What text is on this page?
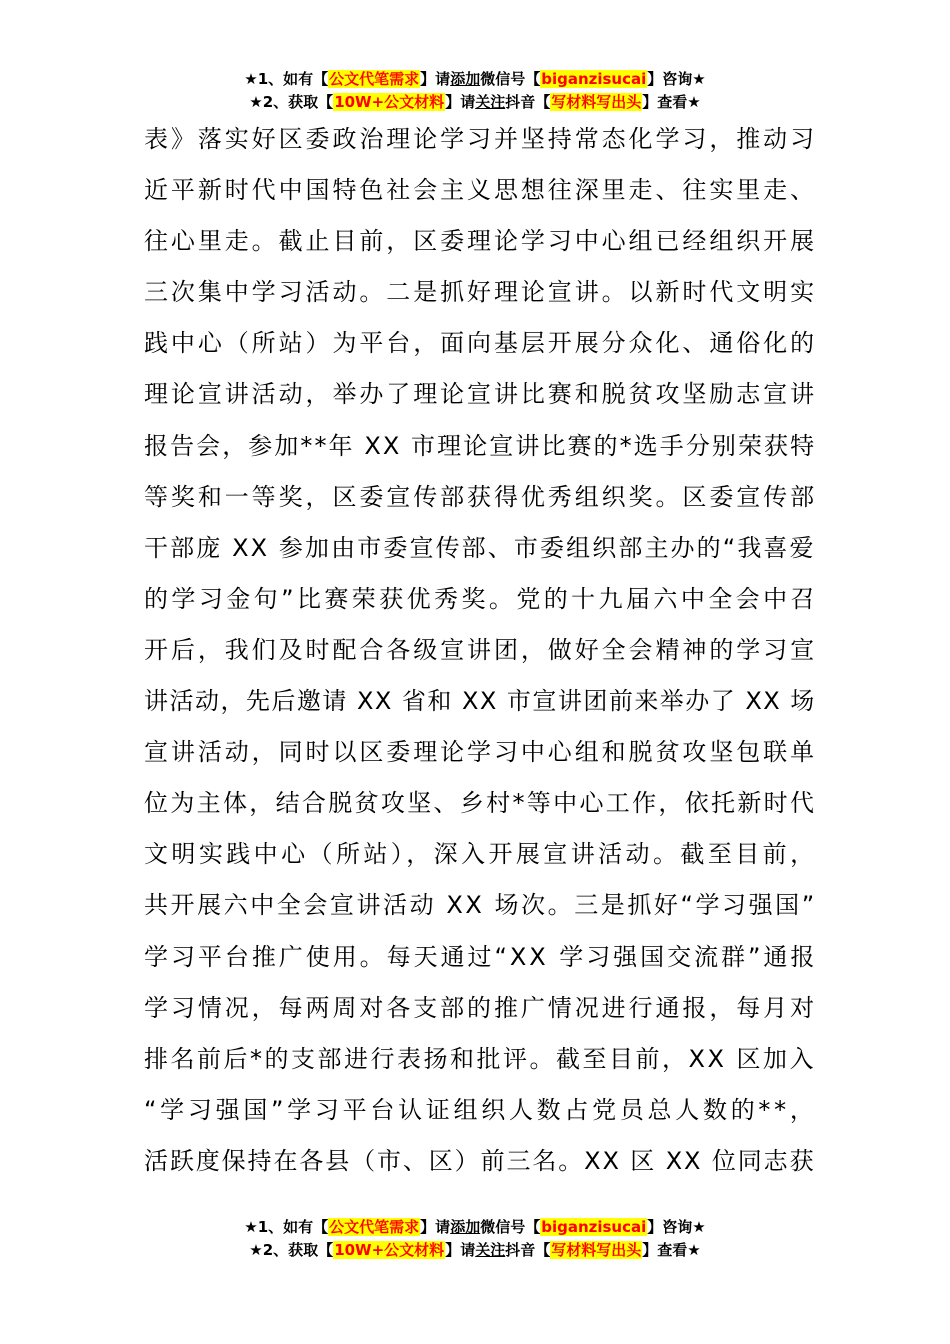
★1、如有【公文代笔需求】请添加微信号【biganzisucai】咨询★
★2、获取【10W+公文材料】请关注抖音【写材料写出头】查看★
表》落实好区委政治理论学习并坚持常态化学习，推动习
近平新时代中国特色社会主义思想往深里走、往实里走、
往心里走。截止目前，区委理论学习中心组已经组织开展
三次集中学习活动。二是抓好理论宣讲。以新时代文明实
践中心（所站）为平台，面向基层开展分众化、通俗化的
理论宣讲活动，举办了理论宣讲比赛和脱贫攻坚励志宣讲
报告会，参加**年 XX 市理论宣讲比赛的*选手分别荣获特
等奖和一等奖，区委宣传部获得优秀组织奖。区委宣传部
干部庞 XX 参加由市委宣传部、市委组织部主办的“我喜爱
的学习金句”比赛荣获优秀奖。党的十九届六中全会中召
开后，我们及时配合各级宣讲团，做好全会精神的学习宣
讲活动，先后邀请 XX 省和 XX 市宣讲团前来举办了 XX 场
宣讲活动，同时以区委理论学习中心组和脱贫攻坚包联单
位为主体，结合脱贫攻坚、乡村*等中心工作，依托新时代
文明实践中心（所站），深入开展宣讲活动。截至目前，
共开展六中全会宣讲活动 XX 场次。三是抓好“学习强国”
学习平台推广使用。每天通过“XX 学习强国交流群”通报
学习情况，每两周对各支部的推广情况进行通报，每月对
排名前后*的支部进行表扬和批评。截至目前，XX 区加入
“学习强国”学习平台认证组织人数占党员总人数的**，
活跃度保持在各县（市、区）前三名。XX 区 XX 位同志获
★1、如有【公文代笔需求】请添加微信号【biganzisucai】咨询★
★2、获取【10W+公文材料】请关注抖音【写材料写出头】查看★
